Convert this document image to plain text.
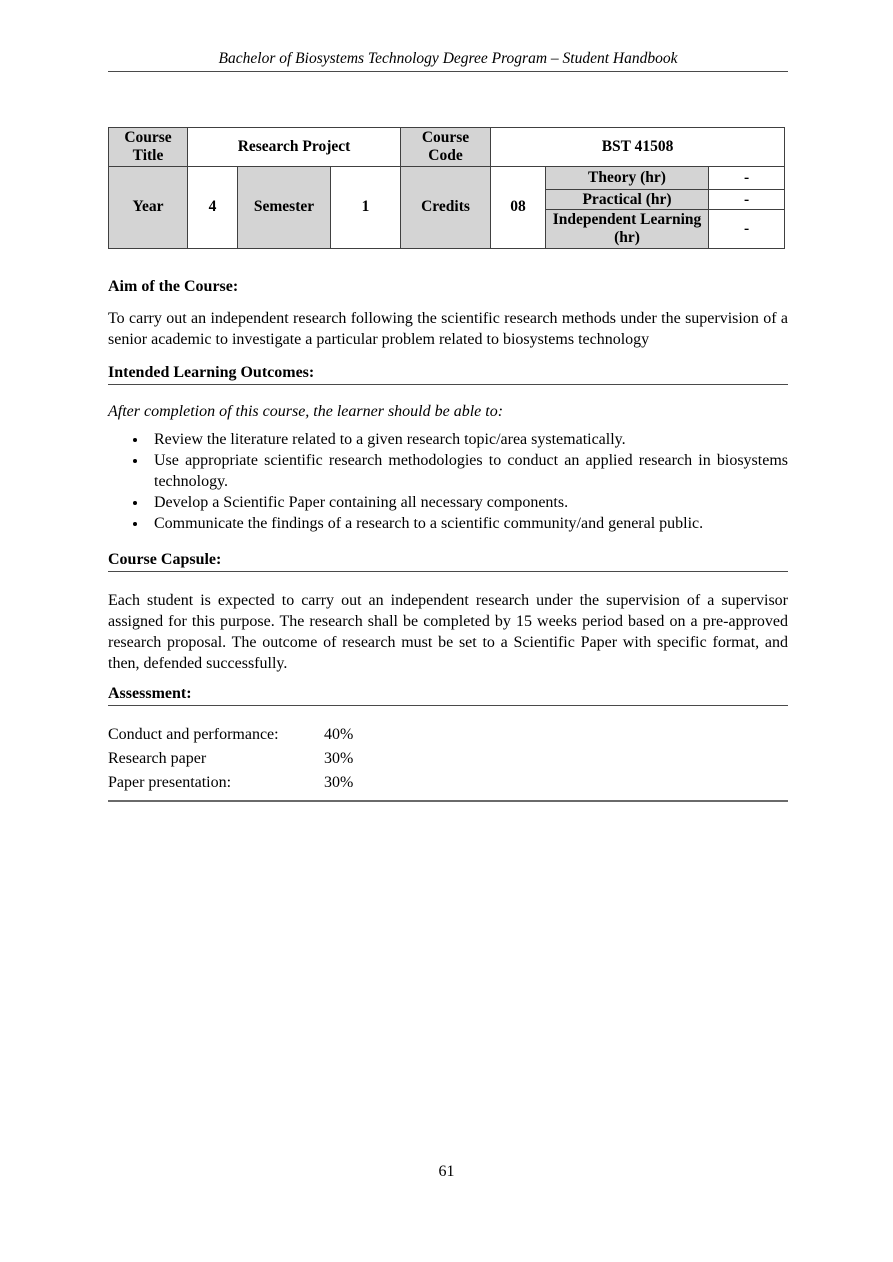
Bachelor of Biosystems Technology Degree Program – Student Handbook
Course Title	Research Project			Course Code	BST 41508		
Year	4	Semester	1	Credits	08	Theory (hr)	-
						Practical (hr)	-
						Independent Learning (hr)	-
Aim of the Course:

To carry out an independent research following the scientific research methods under the supervision of a senior academic to investigate a particular problem related to biosystems technology

Intended Learning Outcomes:
After completion of this course, the learner should be able to:
• Review the literature related to a given research topic/area systematically.
• Use appropriate scientific research methodologies to conduct an applied research in biosystems technology.
• Develop a Scientific Paper containing all necessary components.
• Communicate the findings of a research to a scientific community/and general public.
Course Capsule:

Each student is expected to carry out an independent research under the supervision of a supervisor assigned for this purpose. The research shall be completed by 15 weeks period based on a pre-approved research proposal. The outcome of research must be set to a Scientific Paper with specific format, and then, defended successfully.

Assessment:
Conduct and performance:	40%
Research paper	30%
Paper presentation:	30%
61
